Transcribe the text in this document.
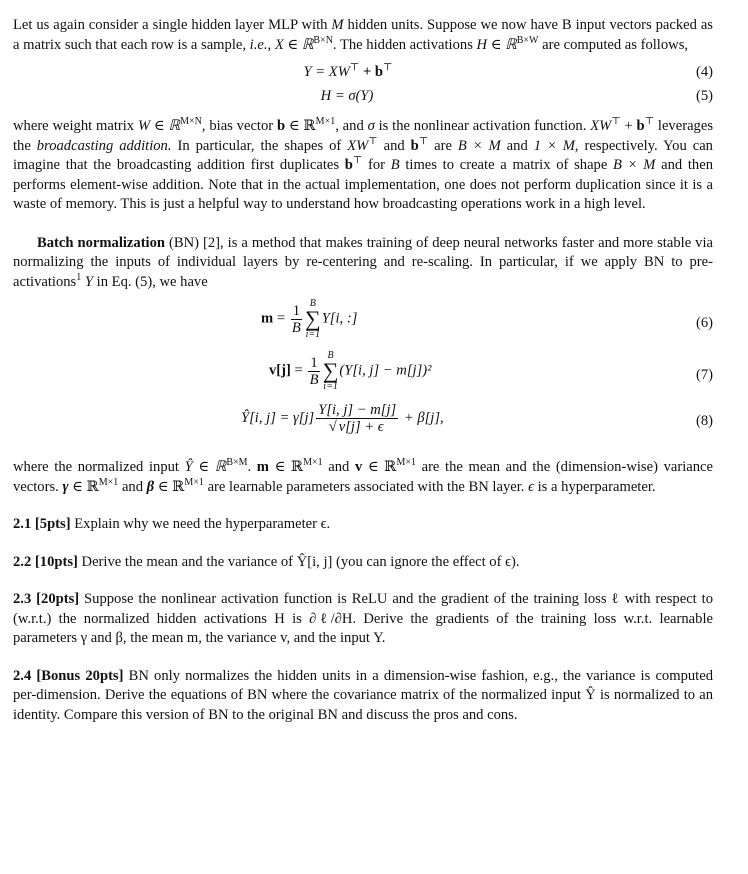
Let us again consider a single hidden layer MLP with M hidden units. Suppose we now have B input vectors packed as a matrix such that each row is a sample, i.e., X ∈ ℝ$^{B\times N}$. The hidden activations H ∈ ℝ$^{B\times W}$ are computed as follows,

Y = XW⊤ + b⊤	(4)
H = σ(Y)	(5)

where weight matrix W ∈ ℝ$^{M\times N}$, bias vector b ∈ ℝ$^{M\times 1}$, and σ is the nonlinear activation function. XW⊤ + b⊤ leverages the broadcasting addition. In particular, the shapes of XW⊤ and b⊤ are B × M and 1 × M, respectively. You can imagine that the broadcasting addition first duplicates b⊤ for B times to create a matrix of shape B × M and then performs element-wise addition. Note that in the actual implementation, one does not perform duplication since it is a waste of memory. This is just a helpful way to understand how broadcasting operations work in a high level.

Batch normalization (BN) [2], is a method that makes training of deep neural networks faster and more stable via normalizing the inputs of individual layers by re-centering and re-scaling. In particular, if we apply BN to pre-activations$^1$ Y in Eq. (5), we have

$m = \frac{1}{B}$ B
∑
i=1
Y[i, :]	(6)
$v[j] = \frac{1}{B}$ B
∑
i=1
(Y[i, j] − m[j])²	(7)
Ŷ[i, $j] = \gamma[j] \frac{Y[i, j] - m[j]}{√ v[j] + \epsilon} + \beta[j]$,	(8)

where the normalized input Ŷ ∈ ℝ$^{B\times M}$. m ∈ ℝ$^{M\times 1}$ and v ∈ ℝ$^{M\times 1}$ are the mean and the (dimension-wise) variance vectors. γ ∈ ℝ$^{M\times 1}$ and β ∈ ℝ$^{M\times 1}$ are learnable parameters associated with the BN layer. ϵ is a hyperparameter.

2.1 [5pts] Explain why we need the hyperparameter ϵ.

2.2 [10pts] Derive the mean and the variance of Ŷ[i, j] (you can ignore the effect of ϵ).

2.3 [20pts] Suppose the nonlinear activation function is ReLU and the gradient of the training loss ℓ with respect to (w.r.t.) the normalized hidden activations H is ∂ℓ/∂H. Derive the gradients of the training loss w.r.t. learnable parameters γ and β, the mean m, the variance v, and the input Y.

2.4 [Bonus 20pts] BN only normalizes the hidden units in a dimension-wise fashion, e.g., the variance is computed per-dimension. Derive the equations of BN where the covariance matrix of the normalized input Ŷ is normalized to an identity. Compare this version of BN to the original BN and discuss the pros and cons.
